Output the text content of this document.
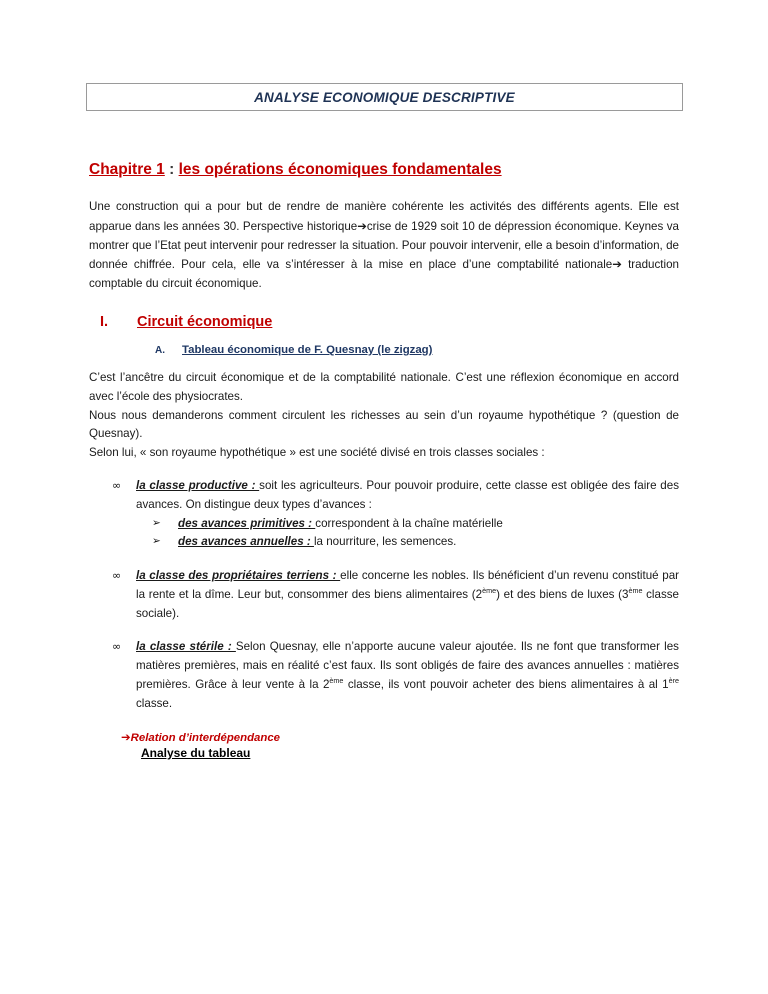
ANALYSE ECONOMIQUE DESCRIPTIVE
Chapitre 1 : les opérations économiques fondamentales

Une construction qui a pour but de rendre de manière cohérente les activités des différents agents. Elle est apparue dans les années 30. Perspective historique➔crise de 1929 soit 10 de dépression économique. Keynes va montrer que l’Etat peut intervenir pour redresser la situation. Pour pouvoir intervenir, elle a besoin d’information, de donnée chiffrée. Pour cela, elle va s’intéresser à la mise en place d’une comptabilité nationale➔ traduction comptable du circuit économique.

I.	Circuit économique
A.	Tableau économique de F. Quesnay (le zigzag)

C’est l’ancêtre du circuit économique et de la comptabilité nationale. C’est une réflexion économique en accord avec l’école des physiocrates.

Nous nous demanderons comment circulent les richesses au sein d’un royaume hypothétique ? (question de Quesnay).

Selon lui, « son royaume hypothétique » est une société divisé en trois classes sociales :

∞	la classe productive : soit les agriculteurs. Pour pouvoir produire, cette classe est obligée des faire des avances. On distingue deux types d’avances :
➢	des avances primitives : correspondent à la chaîne matérielle
➢	des avances annuelles : la nourriture, les semences.
∞	la classe des propriétaires terriens : elle concerne les nobles. Ils bénéficient d’un revenu constitué par la rente et la dîme. Leur but, consommer des biens alimentaires (2ème) et des biens de luxes (3ème classe sociale).
∞	la classe stérile : Selon Quesnay, elle n’apporte aucune valeur ajoutée. Ils ne font que transformer les matières premières, mais en réalité c’est faux. Ils sont obligés de faire des avances annuelles : matières premières. Grâce à leur vente à la 2ème classe, ils vont pouvoir acheter des biens alimentaires à al 1ère classe.
➔Relation d’interdépendance
Analyse du tableau
